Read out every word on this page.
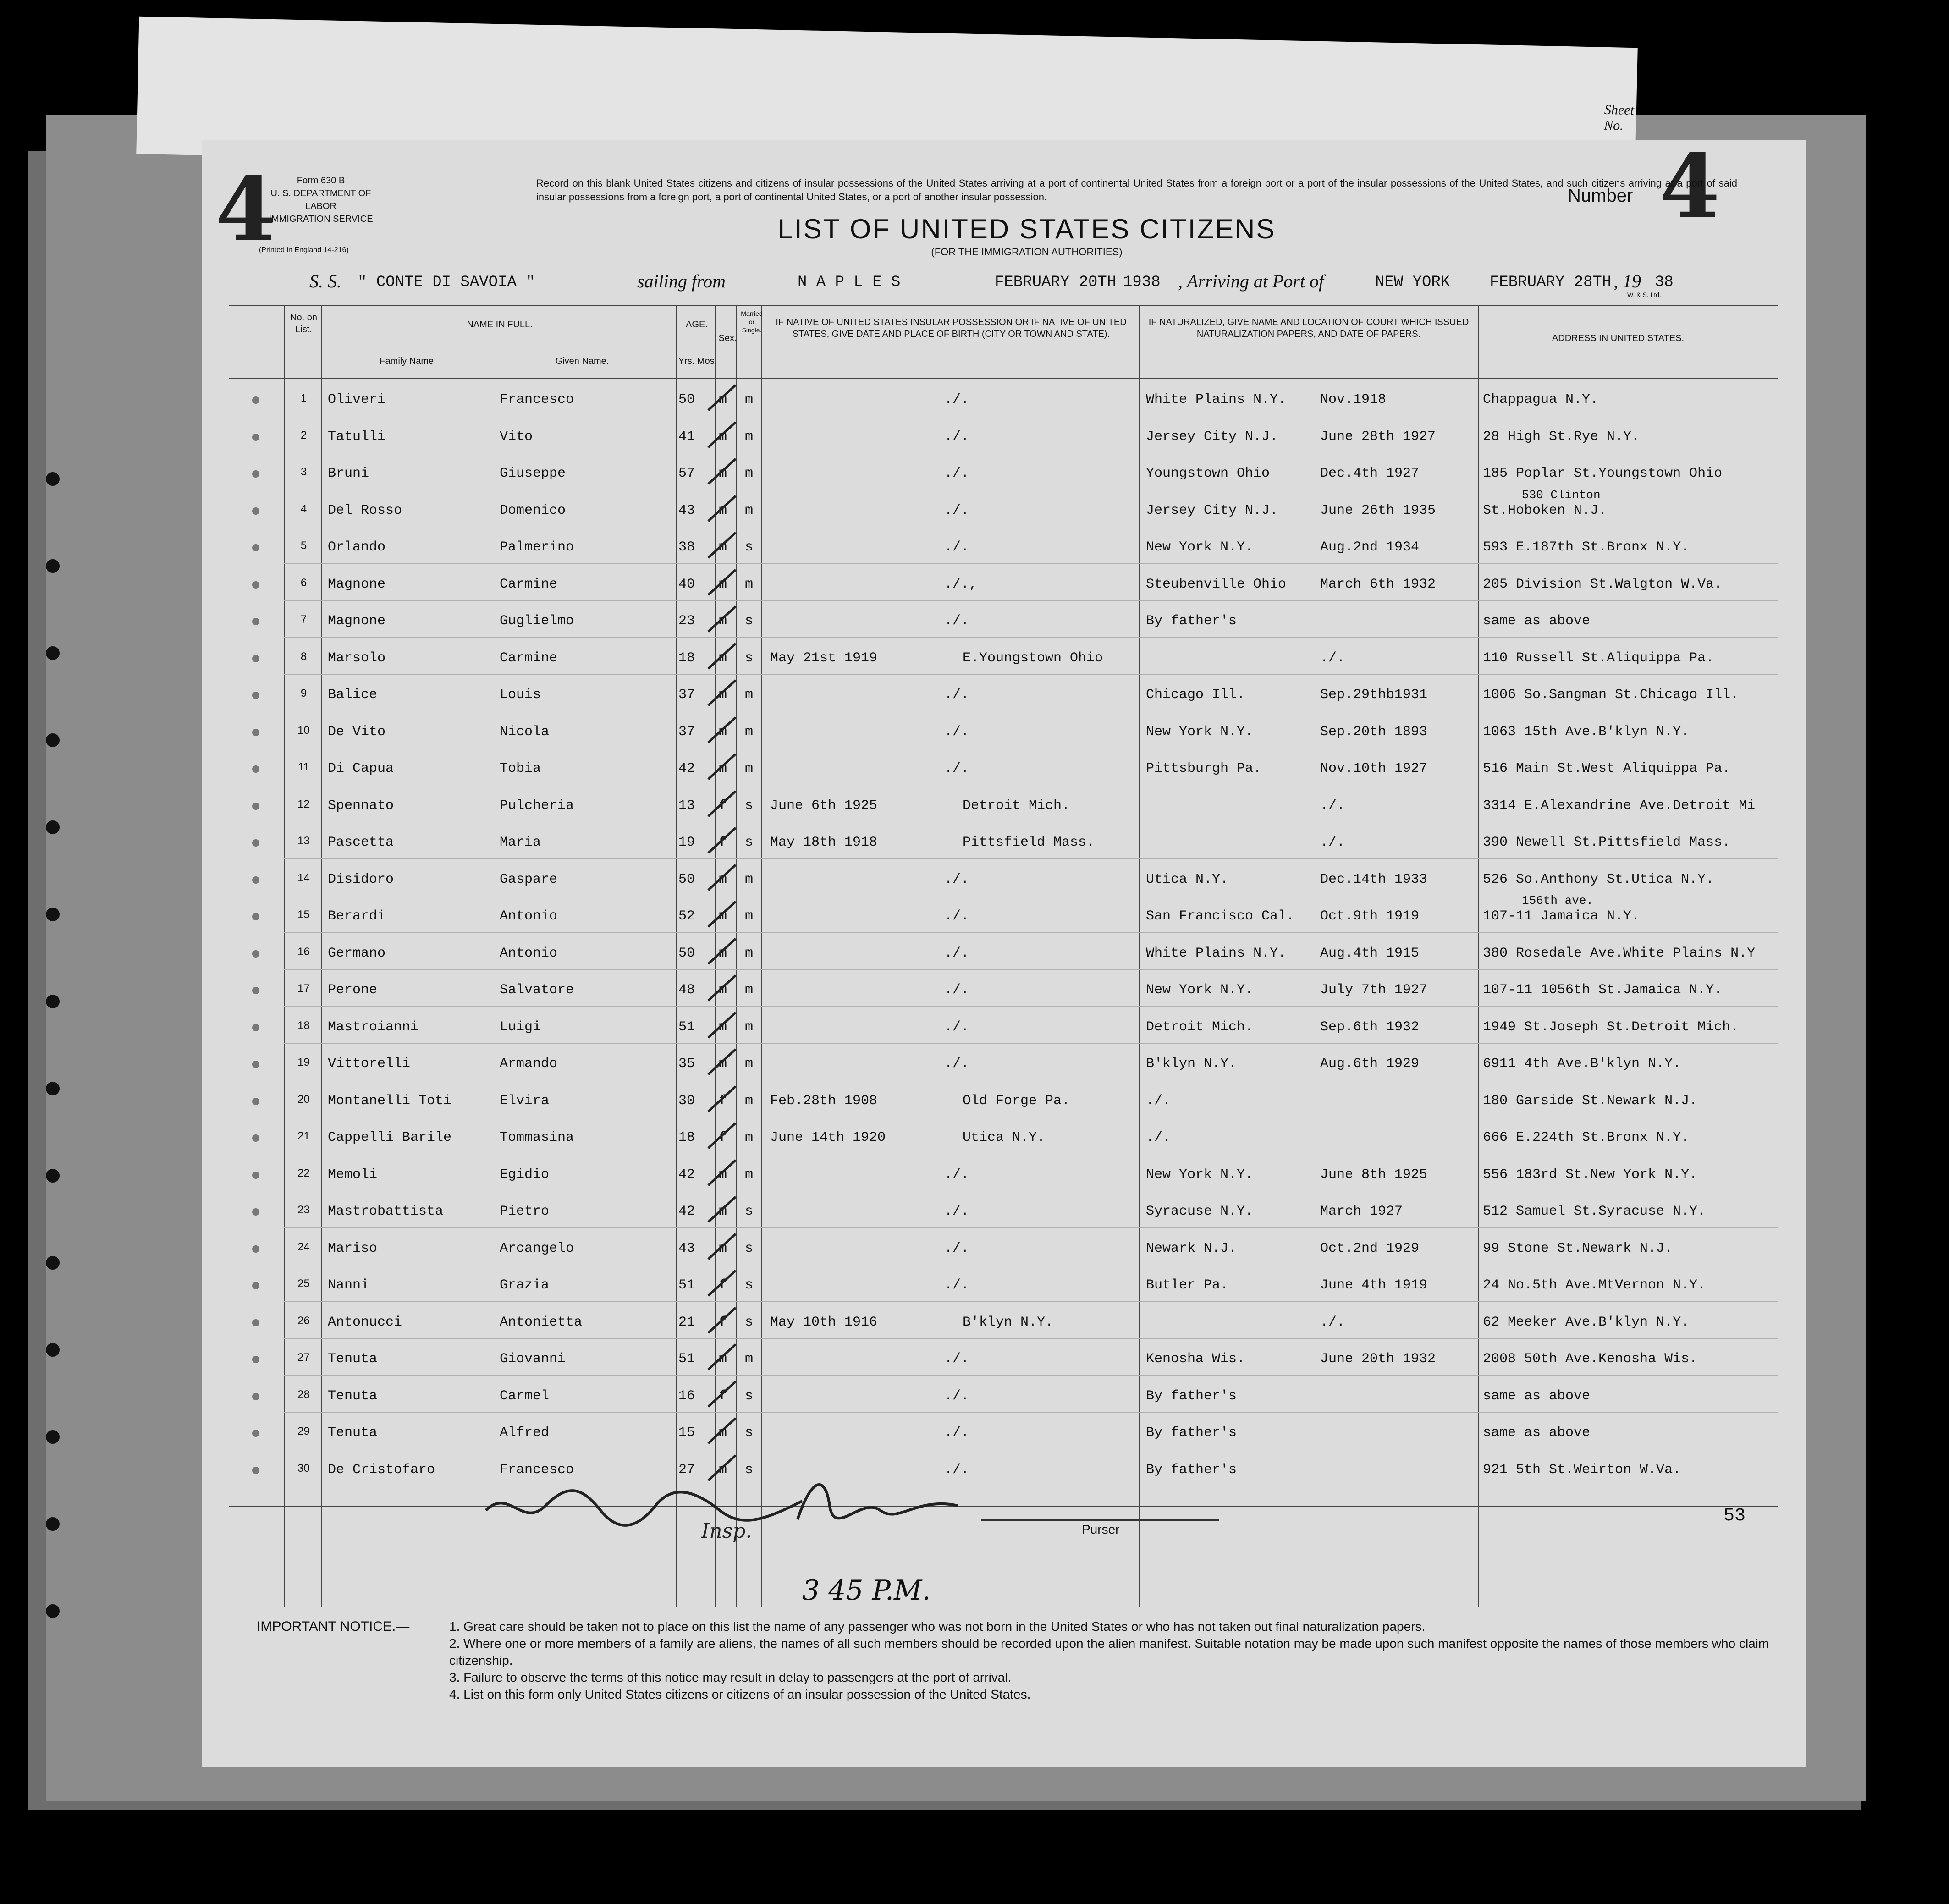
Sheet No.
4	4
Form 630 B
U. S. DEPARTMENT OF LABOR
IMMIGRATION SERVICE
(Printed in England 14-216)
Record on this blank United States citizens and citizens of insular possessions of the United States arriving at a port of continental United States from a foreign port or a port of the insular possessions of the United States, and such citizens arriving at a port of said insular possessions from a foreign port, a port of continental United States, or a port of another insular possession.	Number
LIST OF UNITED STATES CITIZENS
(FOR THE IMMIGRATION AUTHORITIES)
S. S. " CONTE DI SAVOIA "	sailing from	N A P L E S	FEBRUARY 20TH 1938 , Arriving at Port of	NEW YORK	FEBRUARY 28TH , 19 38
W. & S. Ltd.
No. on List.	NAME IN FULL.
Family Name.	Given Name.
AGE.
Yrs. Mos.
Sex.
Married or Single.
IF NATIVE OF UNITED STATES INSULAR POSSESSION OR IF NATIVE OF UNITED STATES, GIVE DATE AND PLACE OF BIRTH (CITY OR TOWN AND STATE).
IF NATURALIZED, GIVE NAME AND LOCATION OF COURT WHICH ISSUED NATURALIZATION PAPERS, AND DATE OF PAPERS.	ADDRESS IN UNITED STATES.
1	Oliveri	Francesco	50 m m	./.	White Plains N.Y. Nov.1918	Chappagua N.Y.
2	Tatulli	Vito	41 m m	./.	Jersey City N.J.	June 28th 1927	28 High St.Rye N.Y.
3	Bruni	Giuseppe	57 m m	./.	Youngstown Ohio	Dec.4th 1927	185 Poplar St.Youngstown Ohio
4	Del Rosso	Domenico	43 m m	./.	Jersey City N.J.	June 26th 1935	St.Hoboken N.J.
530 Clinton
5	Orlando	Palmerino	38 m s	./.	New York N.Y.	Aug.2nd 1934	593 E.187th St.Bronx N.Y.
6	Magnone	Carmine	40 m m	./.,	Steubenville Ohio March 6th 1932	205 Division St.Walgton W.Va.
7	Magnone	Guglielmo	23 m s	./.	By father's	same as above
8	Marsolo	Carmine	18 m s May 21st 1919	E.Youngstown Ohio	./.	110 Russell St.Aliquippa Pa.
9	Balice	Louis	37 m m	./.	Chicago Ill.	Sep.29thb1931	1006 So.Sangman St.Chicago Ill.
10	De Vito	Nicola	37 m m	./.	New York N.Y.	Sep.20th 1893	1063 15th Ave.B'klyn N.Y.
11	Di Capua	Tobia	42 m m	./.	Pittsburgh Pa.	Nov.10th 1927	516 Main St.West Aliquippa Pa.
12	Spennato	Pulcheria	13 f s June 6th 1925	Detroit Mich.	./.	3314 E.Alexandrine Ave.Detroit Mi
13	Pascetta	Maria	19 f s May 18th 1918	Pittsfield Mass.	./.	390 Newell St.Pittsfield Mass.
14	Disidoro	Gaspare	50 m m	./.	Utica N.Y.	Dec.14th 1933	526 So.Anthony St.Utica N.Y.
15	Berardi	Antonio	52 m m	./.	San Francisco Cal. Oct.9th 1919	107-11 Jamaica N.Y.
156th ave.
16	Germano	Antonio	50 m m	./.	White Plains N.Y. Aug.4th 1915	380 Rosedale Ave.White Plains N.Y
17	Perone	Salvatore	48 m m	./.	New York N.Y.	July 7th 1927	107-11 1056th St.Jamaica N.Y.
18	Mastroianni	Luigi	51 m m	./.	Detroit Mich.	Sep.6th 1932	1949 St.Joseph St.Detroit Mich.
19	Vittorelli	Armando	35 m m	./.	B'klyn N.Y.	Aug.6th 1929	6911 4th Ave.B'klyn N.Y.
20	Montanelli Toti	Elvira	30 f m Feb.28th 1908	Old Forge Pa.	./.	180 Garside St.Newark N.J.
21	Cappelli Barile	Tommasina	18 f m June 14th 1920	Utica N.Y.	./.	666 E.224th St.Bronx N.Y.
22	Memoli	Egidio	42 m m	./.	New York N.Y.	June 8th 1925	556 183rd St.New York N.Y.
23	Mastrobattista	Pietro	42 m s	./.	Syracuse N.Y.	March 1927	512 Samuel St.Syracuse N.Y.
24	Mariso	Arcangelo	43 m s	./.	Newark N.J.	Oct.2nd 1929	99 Stone St.Newark N.J.
25	Nanni	Grazia	51 f s	./.	Butler Pa.	June 4th 1919	24 No.5th Ave.MtVernon N.Y.
26	Antonucci	Antonietta	21 f s May 10th 1916	B'klyn N.Y.	./.	62 Meeker Ave.B'klyn N.Y.
27	Tenuta	Giovanni	51 m m	./.	Kenosha Wis.	June 20th 1932	2008 50th Ave.Kenosha Wis.
28	Tenuta	Carmel	16 f s	./.	By father's	same as above
29	Tenuta	Alfred	15 m s	./.	By father's	same as above
30	De Cristofaro	Francesco	27 m s	./.	By father's	921 5th St.Weirton W.Va.
Insp.	Purser
53
3 45 P.M.
IMPORTANT NOTICE.—	1. Great care should be taken not to place on this list the name of any passenger who was not born in the United States or who has not taken out final naturalization papers.
2. Where one or more members of a family are aliens, the names of all such members should be recorded upon the alien manifest. Suitable notation may be made upon such manifest opposite the names of those members who claim citizenship.
3. Failure to observe the terms of this notice may result in delay to passengers at the port of arrival.
4. List on this form only United States citizens or citizens of an insular possession of the United States.
